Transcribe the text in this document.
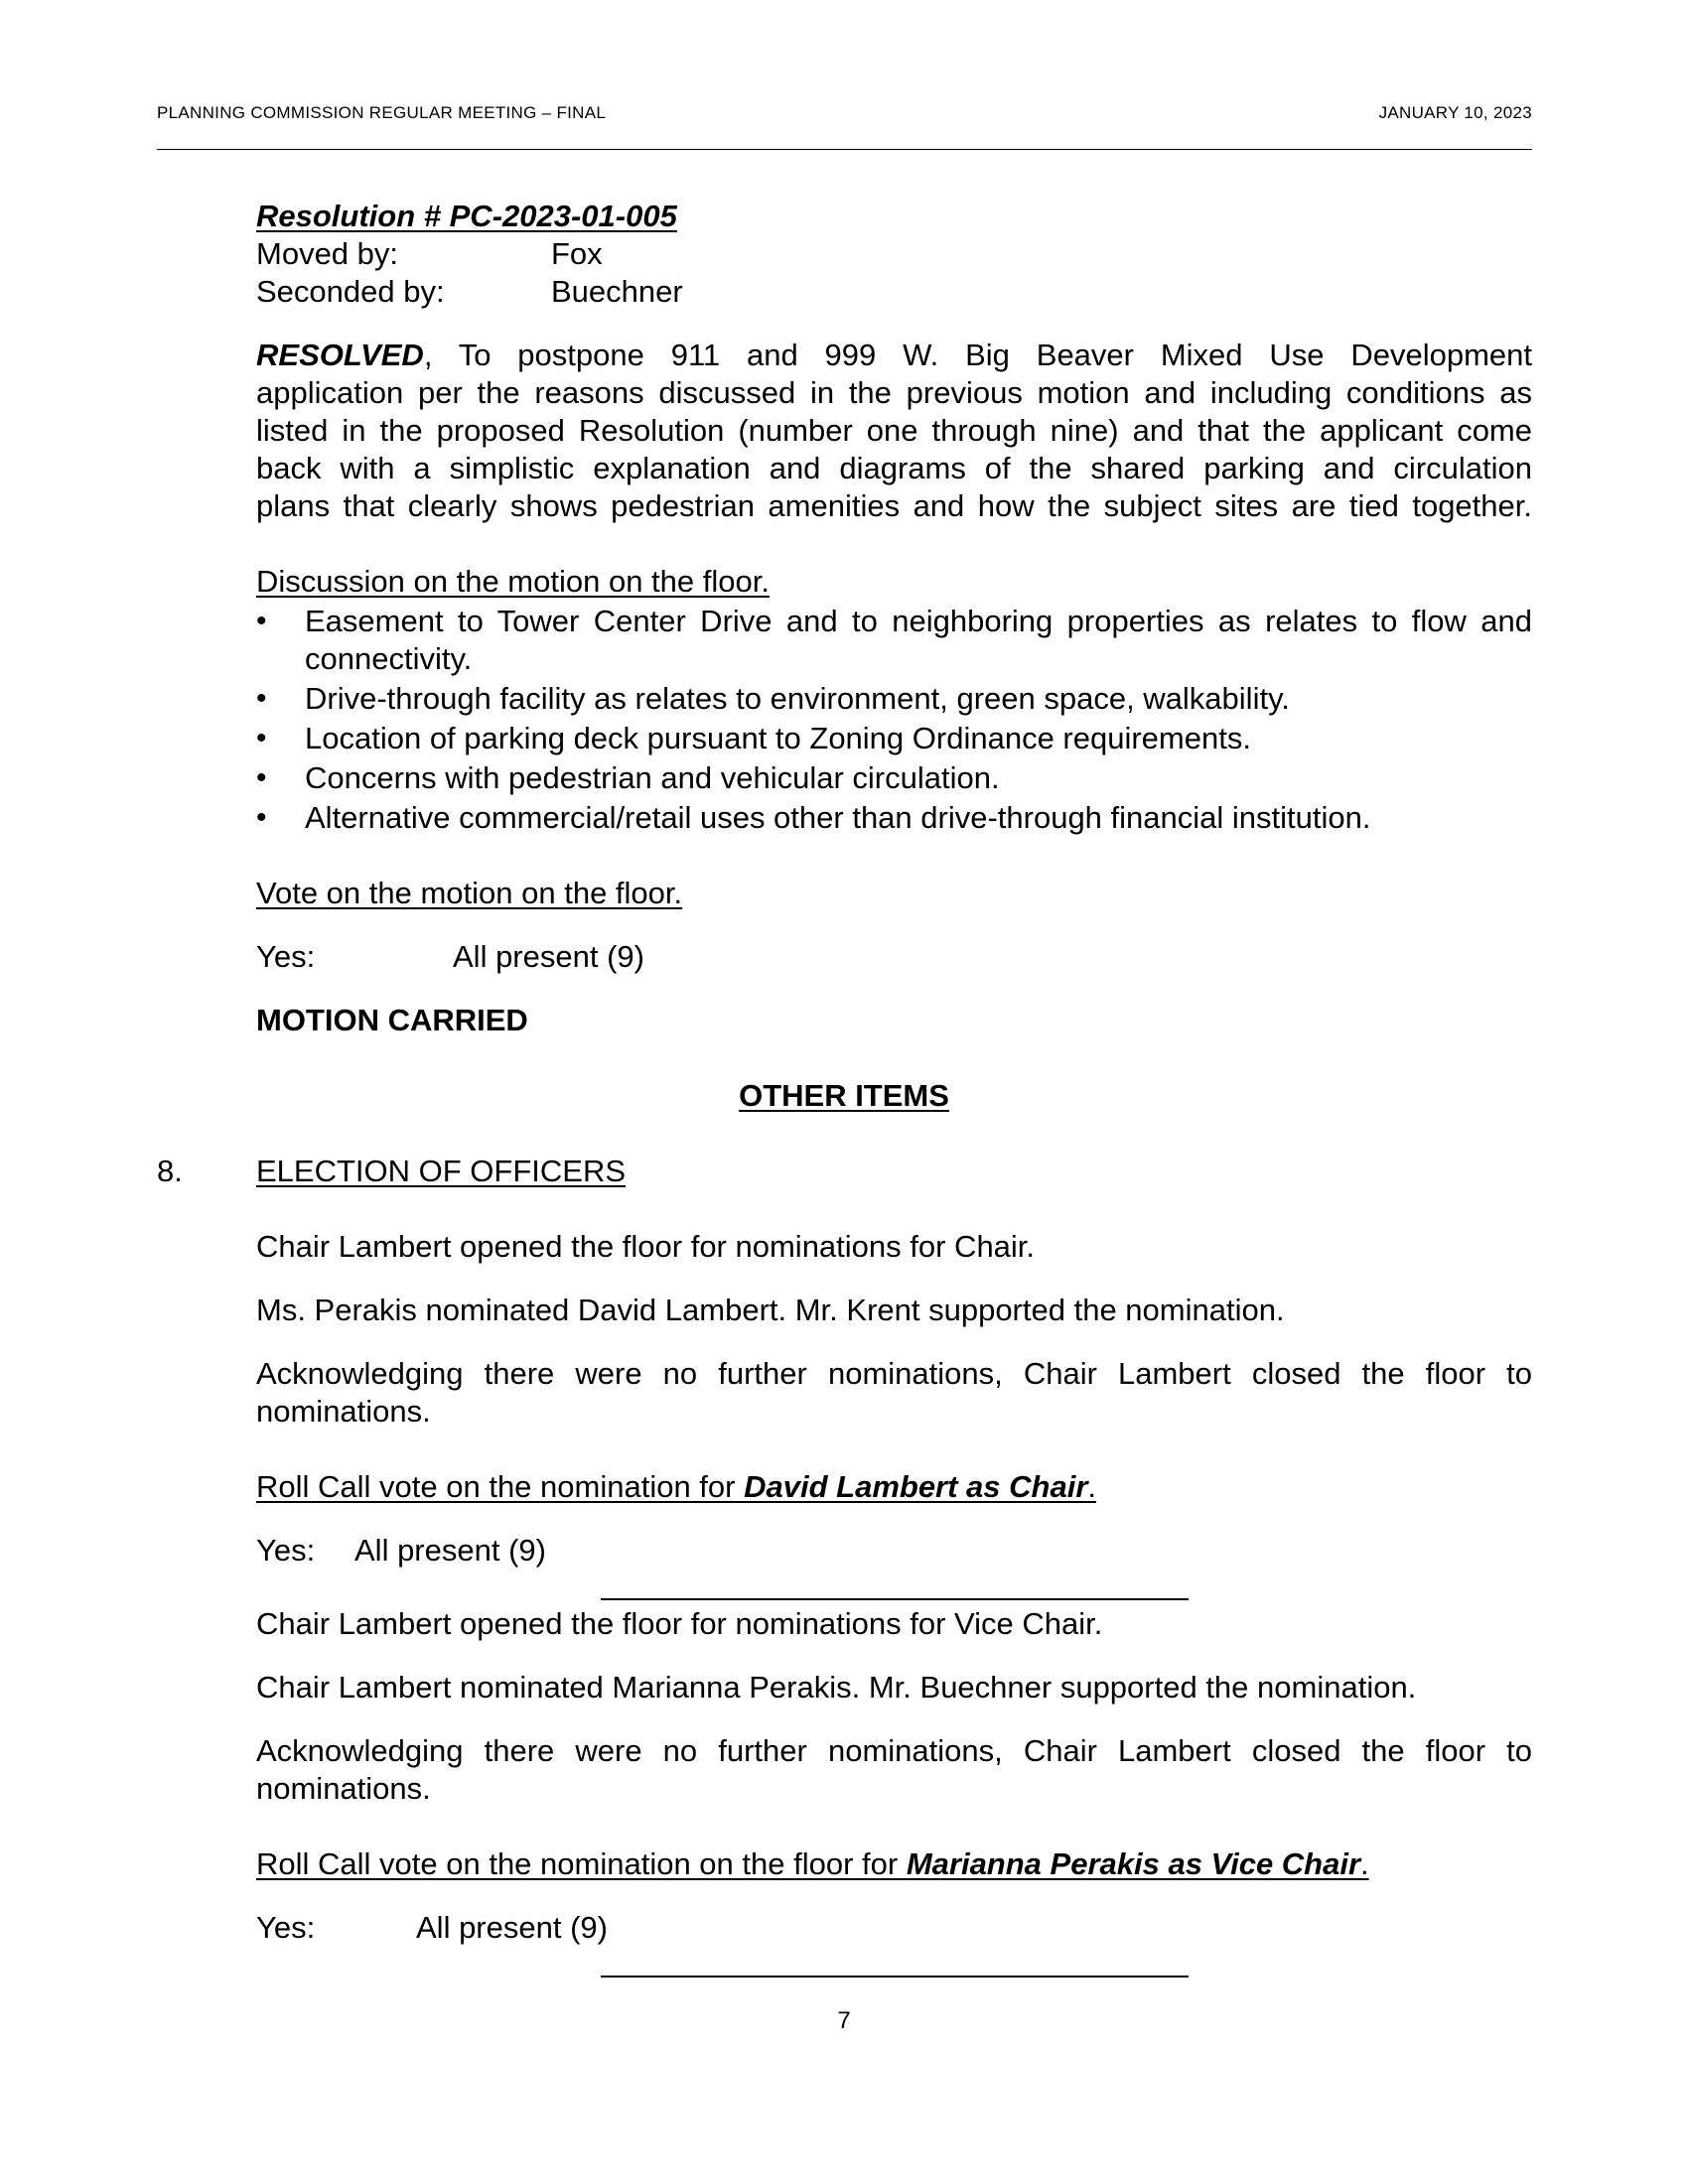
PLANNING COMMISSION REGULAR MEETING – FINAL	JANUARY 10, 2023
Resolution # PC-2023-01-005
Moved by:	Fox
Seconded by:	Buechner
RESOLVED, To postpone 911 and 999 W. Big Beaver Mixed Use Development
application per the reasons discussed in the previous motion and including conditions as
listed in the proposed Resolution (number one through nine) and that the applicant come
back with a simplistic explanation and diagrams of the shared parking and circulation
plans that clearly shows pedestrian amenities and how the subject sites are tied together.
Discussion on the motion on the floor.
• Easement to Tower Center Drive and to neighboring properties as relates to flow and
connectivity.
• Drive-through facility as relates to environment, green space, walkability.
• Location of parking deck pursuant to Zoning Ordinance requirements.
• Concerns with pedestrian and vehicular circulation.
• Alternative commercial/retail uses other than drive-through financial institution.
Vote on the motion on the floor.
Yes:	All present (9)
MOTION CARRIED
OTHER ITEMS
8. ELECTION OF OFFICERS
Chair Lambert opened the floor for nominations for Chair.
Ms. Perakis nominated David Lambert. Mr. Krent supported the nomination.
Acknowledging there were no further nominations, Chair Lambert closed the floor to
nominations.
Roll Call vote on the nomination for David Lambert as Chair.
Yes: All present (9)
Chair Lambert opened the floor for nominations for Vice Chair.
Chair Lambert nominated Marianna Perakis. Mr. Buechner supported the nomination.
Acknowledging there were no further nominations, Chair Lambert closed the floor to
nominations.
Roll Call vote on the nomination on the floor for Marianna Perakis as Vice Chair.
Yes:	All present (9)
7
